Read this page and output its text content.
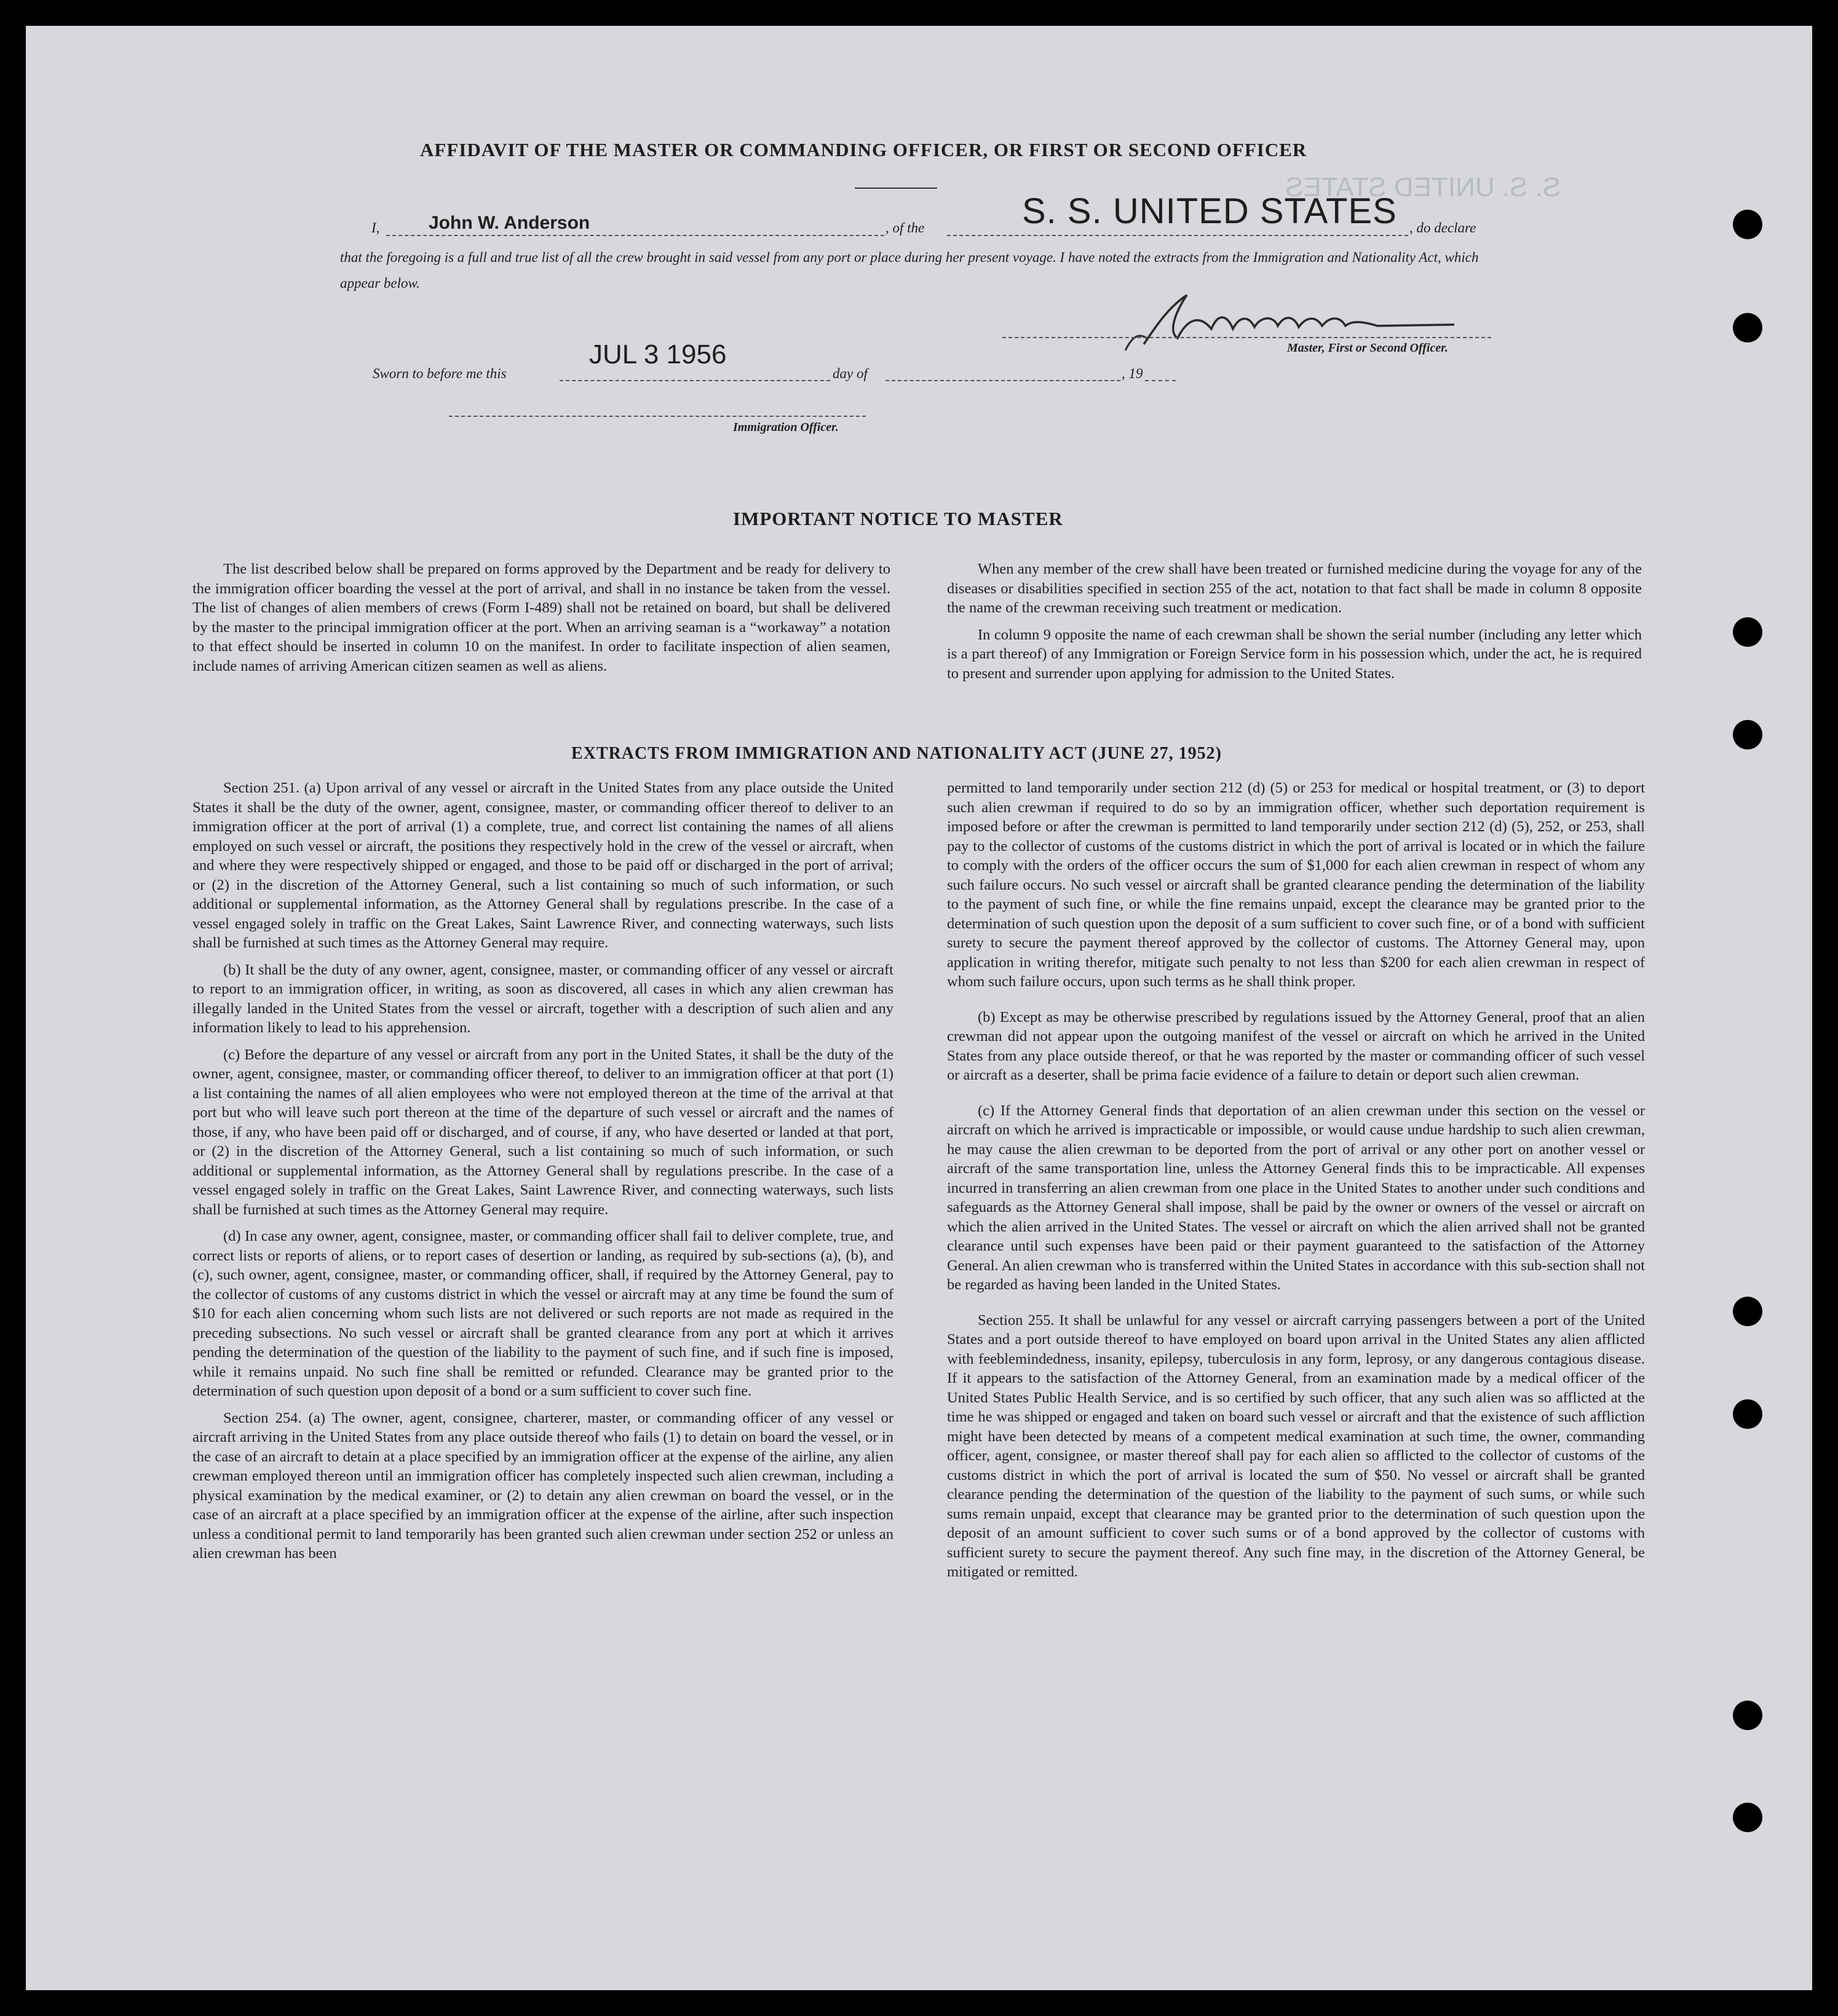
S. S. UNITED STATES
AFFIDAVIT OF THE MASTER OR COMMANDING OFFICER, OR FIRST OR SECOND OFFICER
I,	John W. Anderson	, of the	S. S. UNITED STATES , do declare
that the foregoing is a full and true list of all the crew brought in said vessel from any port or place during her present voyage. I have noted the extracts from the Immigration and Nationality Act, which appear below.
Master, First or Second Officer.
Sworn to before me this
JUL 3 1956
day of	, 19
Immigration Officer.
IMPORTANT NOTICE TO MASTER

The list described below shall be prepared on forms approved by the Department and be ready for delivery to the immigration officer boarding the vessel at the port of arrival, and shall in no instance be taken from the vessel. The list of changes of alien members of crews (Form I-489) shall not be retained on board, but shall be delivered by the master to the principal immigration officer at the port. When an arriving seaman is a “workaway” a notation to that effect should be inserted in column 10 on the manifest. In order to facilitate inspection of alien seamen, include names of arriving American citizen seamen as well as aliens.

When any member of the crew shall have been treated or furnished medicine during the voyage for any of the diseases or disabilities specified in section 255 of the act, notation to that fact shall be made in column 8 opposite the name of the crewman receiving such treatment or medication.

In column 9 opposite the name of each crewman shall be shown the serial number (including any letter which is a part thereof) of any Immigration or Foreign Service form in his possession which, under the act, he is required to present and surrender upon applying for admission to the United States.

EXTRACTS FROM IMMIGRATION AND NATIONALITY ACT (JUNE 27, 1952)

Section 251. (a) Upon arrival of any vessel or aircraft in the United States from any place outside the United States it shall be the duty of the owner, agent, consignee, master, or commanding officer thereof to deliver to an immigration officer at the port of arrival (1) a complete, true, and correct list containing the names of all aliens employed on such vessel or aircraft, the positions they respectively hold in the crew of the vessel or aircraft, when and where they were respectively shipped or engaged, and those to be paid off or discharged in the port of arrival; or (2) in the discretion of the Attorney General, such a list containing so much of such information, or such additional or supplemental information, as the Attorney General shall by regulations prescribe. In the case of a vessel engaged solely in traffic on the Great Lakes, Saint Lawrence River, and connecting waterways, such lists shall be furnished at such times as the Attorney General may require.

(b) It shall be the duty of any owner, agent, consignee, master, or commanding officer of any vessel or aircraft to report to an immigration officer, in writing, as soon as discovered, all cases in which any alien crewman has illegally landed in the United States from the vessel or aircraft, together with a description of such alien and any information likely to lead to his apprehension.

(c) Before the departure of any vessel or aircraft from any port in the United States, it shall be the duty of the owner, agent, consignee, master, or commanding officer thereof, to deliver to an immigration officer at that port (1) a list containing the names of all alien employees who were not employed thereon at the time of the arrival at that port but who will leave such port thereon at the time of the departure of such vessel or aircraft and the names of those, if any, who have been paid off or discharged, and of course, if any, who have deserted or landed at that port, or (2) in the discretion of the Attorney General, such a list containing so much of such information, or such additional or supplemental information, as the Attorney General shall by regulations prescribe. In the case of a vessel engaged solely in traffic on the Great Lakes, Saint Lawrence River, and connecting waterways, such lists shall be furnished at such times as the Attorney General may require.

(d) In case any owner, agent, consignee, master, or commanding officer shall fail to deliver complete, true, and correct lists or reports of aliens, or to report cases of desertion or landing, as required by sub-sections (a), (b), and (c), such owner, agent, consignee, master, or commanding officer, shall, if required by the Attorney General, pay to the collector of customs of any customs district in which the vessel or aircraft may at any time be found the sum of $10 for each alien concerning whom such lists are not delivered or such reports are not made as required in the preceding subsections. No such vessel or aircraft shall be granted clearance from any port at which it arrives pending the determination of the question of the liability to the payment of such fine, and if such fine is imposed, while it remains unpaid. No such fine shall be remitted or refunded. Clearance may be granted prior to the determination of such question upon deposit of a bond or a sum sufficient to cover such fine.

Section 254. (a) The owner, agent, consignee, charterer, master, or commanding officer of any vessel or aircraft arriving in the United States from any place outside thereof who fails (1) to detain on board the vessel, or in the case of an aircraft to detain at a place specified by an immigration officer at the expense of the airline, any alien crewman employed thereon until an immigration officer has completely inspected such alien crewman, including a physical examination by the medical examiner, or (2) to detain any alien crewman on board the vessel, or in the case of an aircraft at a place specified by an immigration officer at the expense of the airline, after such inspection unless a conditional permit to land temporarily has been granted such alien crewman under section 252 or unless an alien crewman has been

permitted to land temporarily under section 212 (d) (5) or 253 for medical or hospital treatment, or (3) to deport such alien crewman if required to do so by an immigration officer, whether such deportation requirement is imposed before or after the crewman is permitted to land temporarily under section 212 (d) (5), 252, or 253, shall pay to the collector of customs of the customs district in which the port of arrival is located or in which the failure to comply with the orders of the officer occurs the sum of $1,000 for each alien crewman in respect of whom any such failure occurs. No such vessel or aircraft shall be granted clearance pending the determination of the liability to the payment of such fine, or while the fine remains unpaid, except the clearance may be granted prior to the determination of such question upon the deposit of a sum sufficient to cover such fine, or of a bond with sufficient surety to secure the payment thereof approved by the collector of customs. The Attorney General may, upon application in writing therefor, mitigate such penalty to not less than $200 for each alien crewman in respect of whom such failure occurs, upon such terms as he shall think proper.

(b) Except as may be otherwise prescribed by regulations issued by the Attorney General, proof that an alien crewman did not appear upon the outgoing manifest of the vessel or aircraft on which he arrived in the United States from any place outside thereof, or that he was reported by the master or commanding officer of such vessel or aircraft as a deserter, shall be prima facie evidence of a failure to detain or deport such alien crewman.

(c) If the Attorney General finds that deportation of an alien crewman under this section on the vessel or aircraft on which he arrived is impracticable or impossible, or would cause undue hardship to such alien crewman, he may cause the alien crewman to be deported from the port of arrival or any other port on another vessel or aircraft of the same transportation line, unless the Attorney General finds this to be impracticable. All expenses incurred in transferring an alien crewman from one place in the United States to another under such conditions and safeguards as the Attorney General shall impose, shall be paid by the owner or owners of the vessel or aircraft on which the alien arrived in the United States. The vessel or aircraft on which the alien arrived shall not be granted clearance until such expenses have been paid or their payment guaranteed to the satisfaction of the Attorney General. An alien crewman who is transferred within the United States in accordance with this sub-section shall not be regarded as having been landed in the United States.

Section 255. It shall be unlawful for any vessel or aircraft carrying passengers between a port of the United States and a port outside thereof to have employed on board upon arrival in the United States any alien afflicted with feeblemindedness, insanity, epilepsy, tuberculosis in any form, leprosy, or any dangerous contagious disease. If it appears to the satisfaction of the Attorney General, from an examination made by a medical officer of the United States Public Health Service, and is so certified by such officer, that any such alien was so afflicted at the time he was shipped or engaged and taken on board such vessel or aircraft and that the existence of such affliction might have been detected by means of a competent medical examination at such time, the owner, commanding officer, agent, consignee, or master thereof shall pay for each alien so afflicted to the collector of customs of the customs district in which the port of arrival is located the sum of $50. No vessel or aircraft shall be granted clearance pending the determination of the question of the liability to the payment of such sums, or while such sums remain unpaid, except that clearance may be granted prior to the determination of such question upon the deposit of an amount sufficient to cover such sums or of a bond approved by the collector of customs with sufficient surety to secure the payment thereof. Any such fine may, in the discretion of the Attorney General, be mitigated or remitted.
